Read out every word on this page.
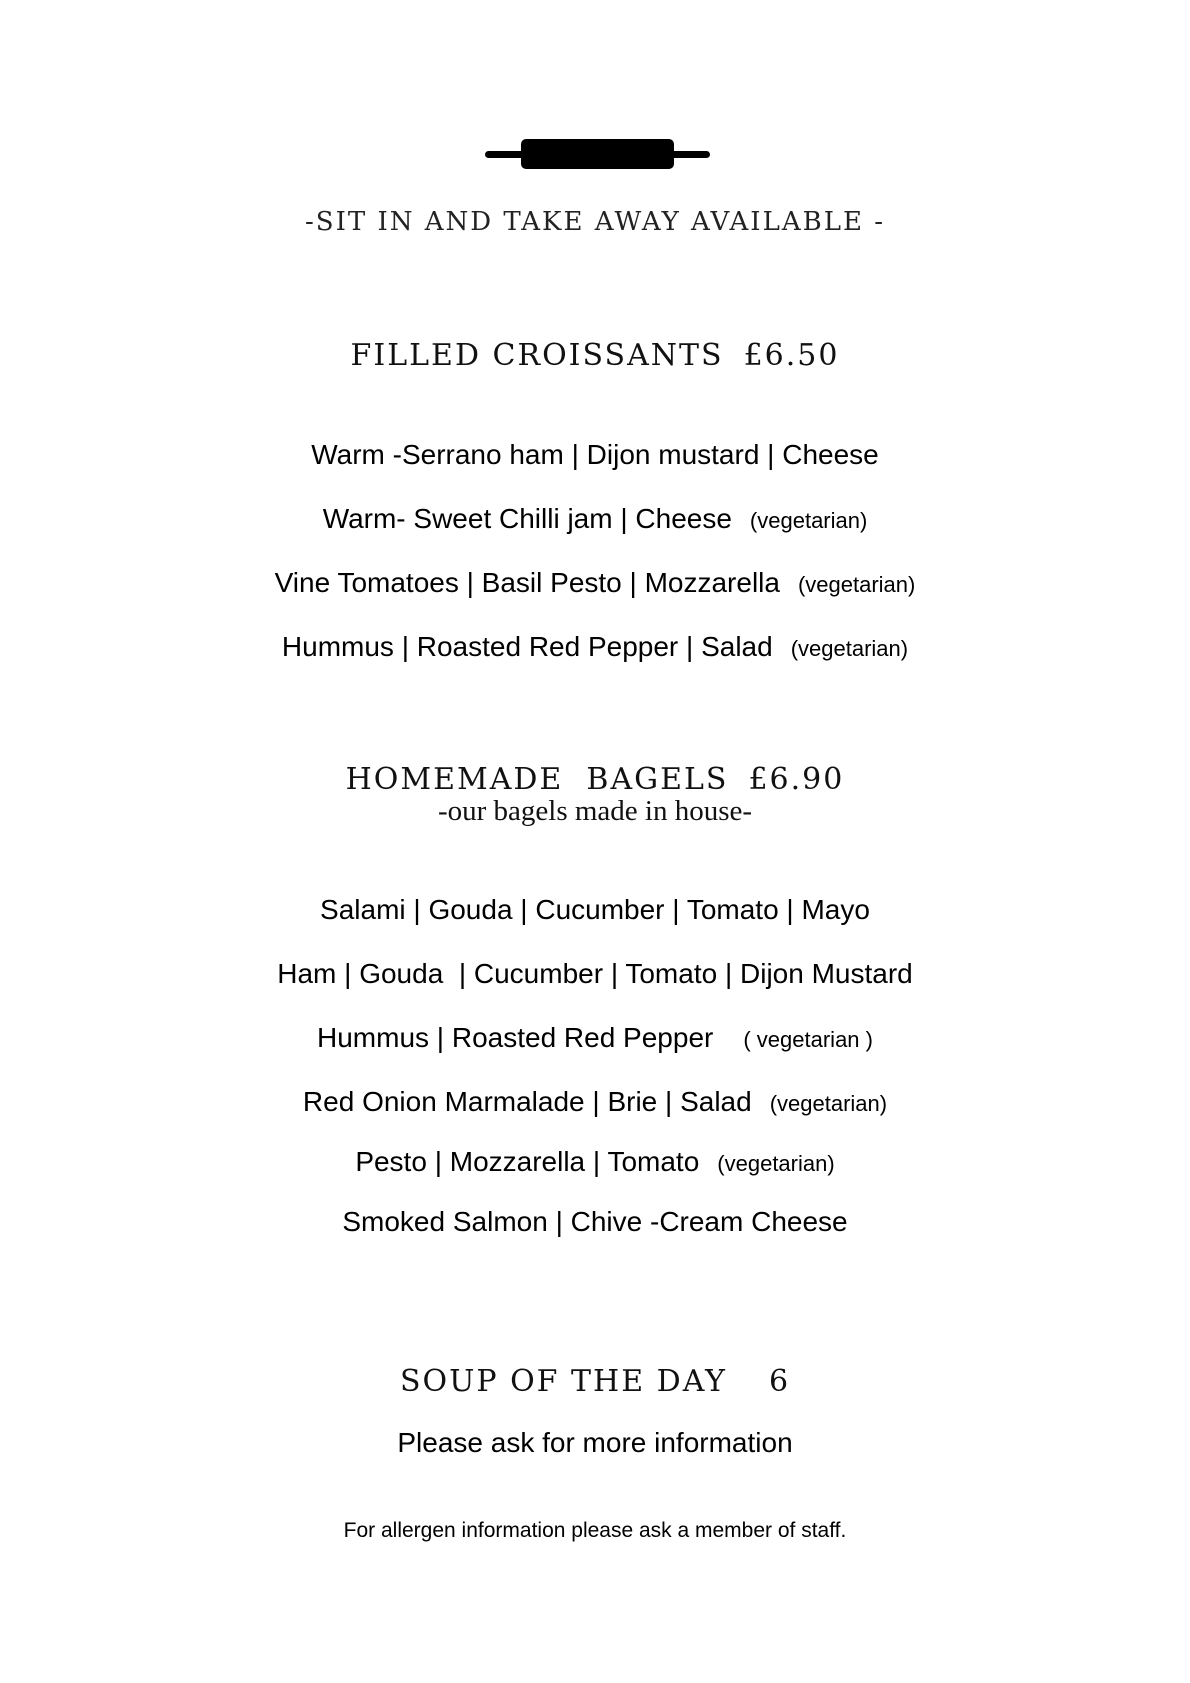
-SIT IN AND TAKE AWAY AVAILABLE -
FILLED CROISSANTS £6.50
Warm -Serrano ham | Dijon mustard | Cheese
Warm- Sweet Chilli jam | Cheese (vegetarian)
Vine Tomatoes | Basil Pesto | Mozzarella (vegetarian)
Hummus | Roasted Red Pepper | Salad (vegetarian)
HOMEMADE  BAGELS £6.90
-our bagels made in house-
Salami | Gouda | Cucumber | Tomato | Mayo
Ham | Gouda  | Cucumber | Tomato | Dijon Mustard
Hummus | Roasted Red Pepper ( vegetarian )
Red Onion Marmalade | Brie | Salad (vegetarian)
Pesto | Mozzarella | Tomato (vegetarian)
Smoked Salmon | Chive -Cream Cheese
SOUP OF THE DAY 6
Please ask for more information
For allergen information please ask a member of staff.
